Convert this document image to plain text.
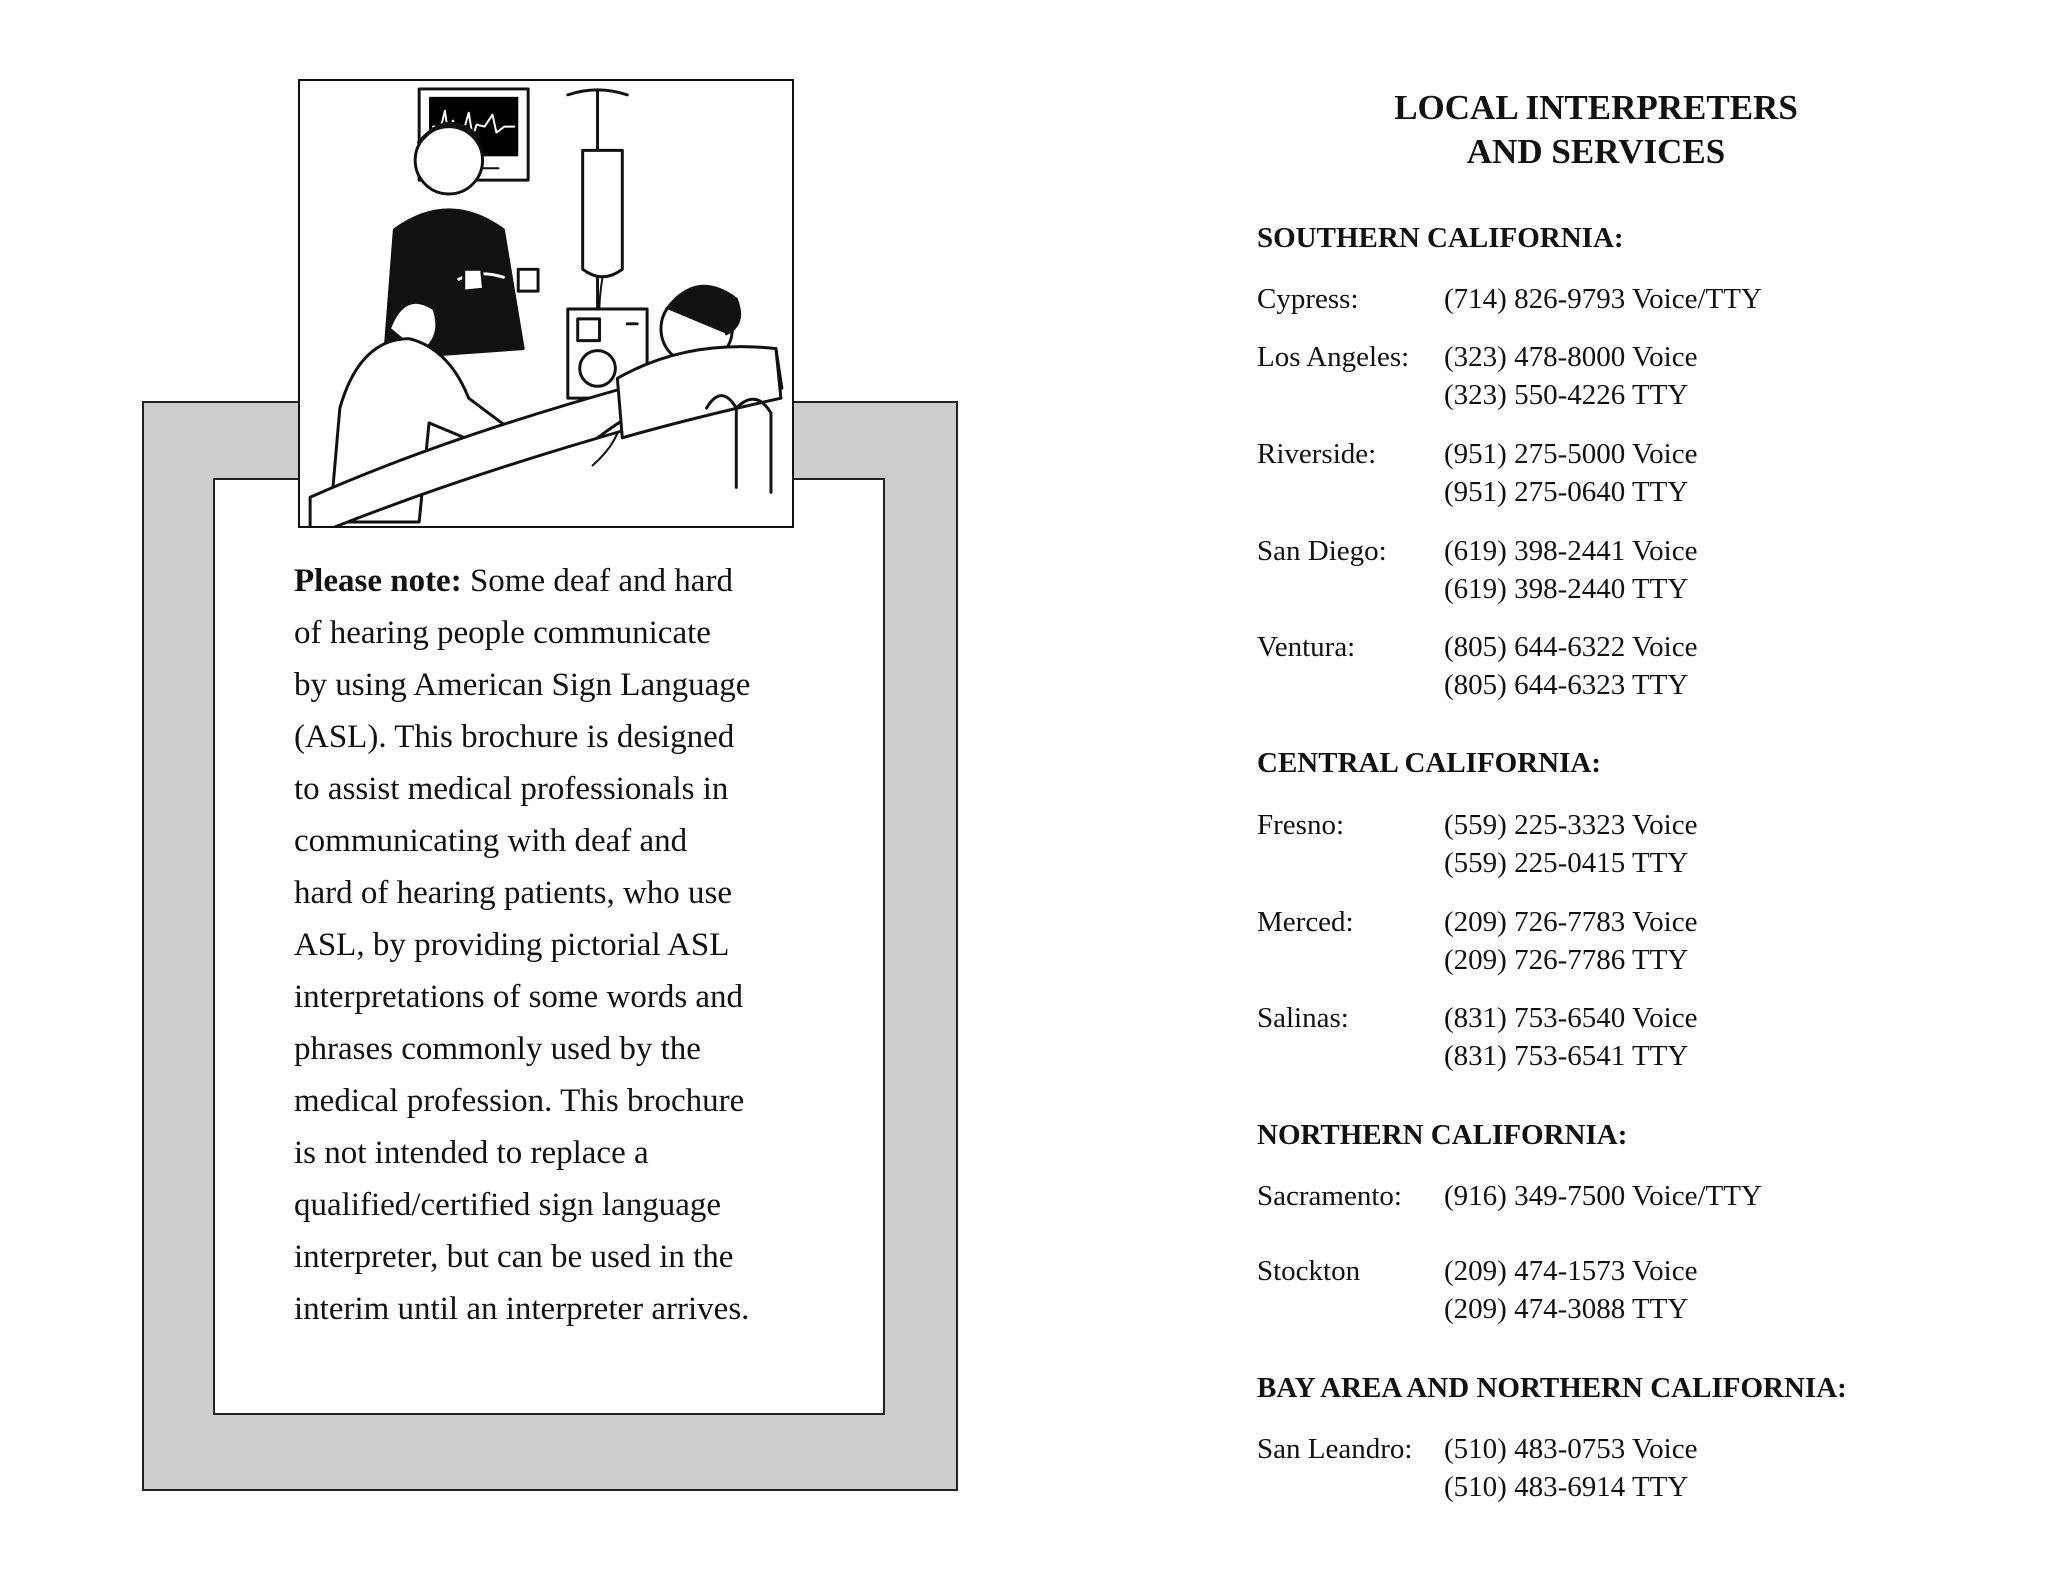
Please note: Some deaf and hard
of hearing people communicate
by using American Sign Language
(ASL). This brochure is designed
to assist medical professionals in
communicating with deaf and
hard of hearing patients, who use
ASL, by providing pictorial ASL
interpretations of some words and
phrases commonly used by the
medical profession. This brochure
is not intended to replace a
qualified/certified sign language
interpreter, but can be used in the
interim until an interpreter arrives.

LOCAL INTERPRETERS
AND SERVICES
SOUTHERN CALIFORNIA:
Cypress:	(714) 826-9793 Voice/TTY
Los Angeles: (323) 478-8000 Voice
(323) 550-4226 TTY
Riverside: (951) 275-5000 Voice
(951) 275-0640 TTY
San Diego: (619) 398-2441 Voice
(619) 398-2440 TTY
Ventura:	(805) 644-6322 Voice
(805) 644-6323 TTY
CENTRAL CALIFORNIA:
Fresno:	(559) 225-3323 Voice
(559) 225-0415 TTY
Merced:	(209) 726-7783 Voice
(209) 726-7786 TTY
Salinas:	(831) 753-6540 Voice
(831) 753-6541 TTY
NORTHERN CALIFORNIA:
Sacramento: (916) 349-7500 Voice/TTY
Stockton	(209) 474-1573 Voice
(209) 474-3088 TTY
BAY AREA AND NORTHERN CALIFORNIA:
San Leandro: (510) 483-0753 Voice
(510) 483-6914 TTY
